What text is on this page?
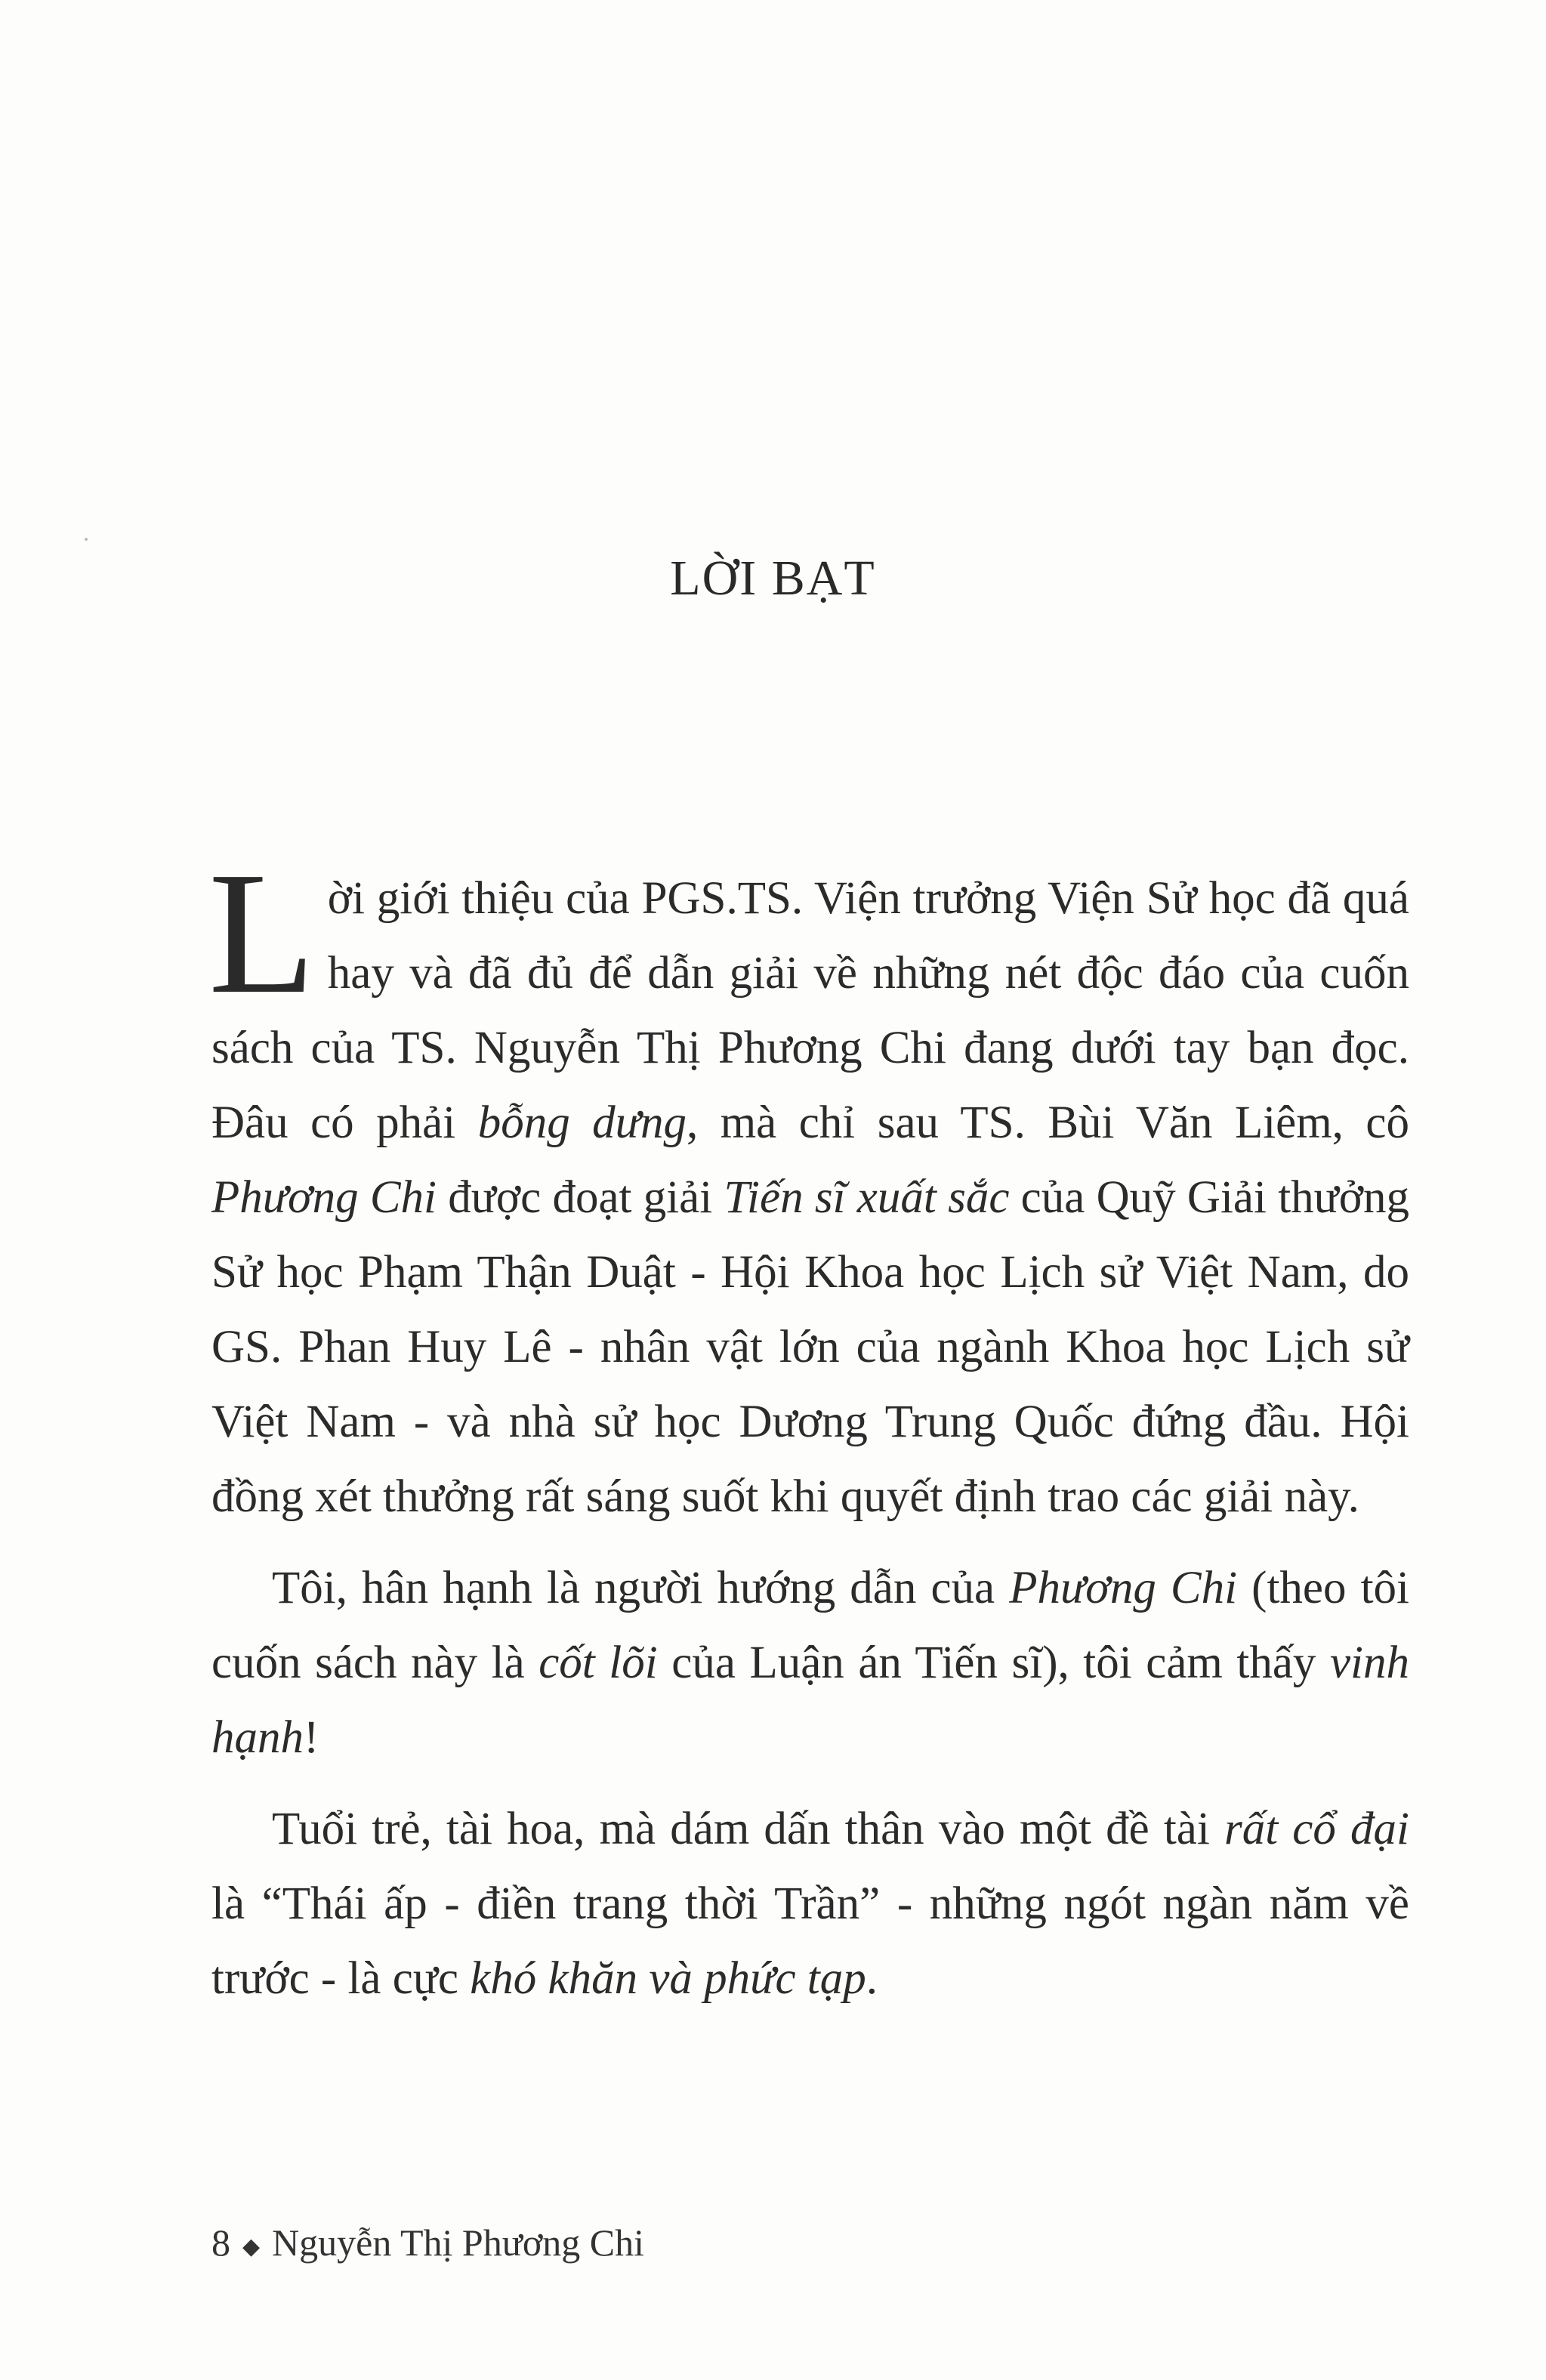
LỜI BẠT

L ời giới thiệu của PGS.TS. Viện trưởng Viện Sử học đã quá hay và đã đủ để dẫn giải về những nét độc đáo của cuốn sách của TS. Nguyễn Thị Phương Chi đang dưới tay bạn đọc. Đâu có phải bỗng dưng, mà chỉ sau TS. Bùi Văn Liêm, cô Phương Chi được đoạt giải Tiến sĩ xuất sắc của Quỹ Giải thưởng Sử học Phạm Thận Duật - Hội Khoa học Lịch sử Việt Nam, do GS. Phan Huy Lê - nhân vật lớn của ngành Khoa học Lịch sử Việt Nam - và nhà sử học Dương Trung Quốc đứng đầu. Hội đồng xét thưởng rất sáng suốt khi quyết định trao các giải này.

Tôi, hân hạnh là người hướng dẫn của Phương Chi (theo tôi cuốn sách này là cốt lõi của Luận án Tiến sĩ), tôi cảm thấy vinh hạnh!

Tuổi trẻ, tài hoa, mà dám dấn thân vào một đề tài rất cổ đại là “Thái ấp - điền trang thời Trần” - những ngót ngàn năm về trước - là cực khó khăn và phức tạp.

8 ◆ Nguyễn Thị Phương Chi
